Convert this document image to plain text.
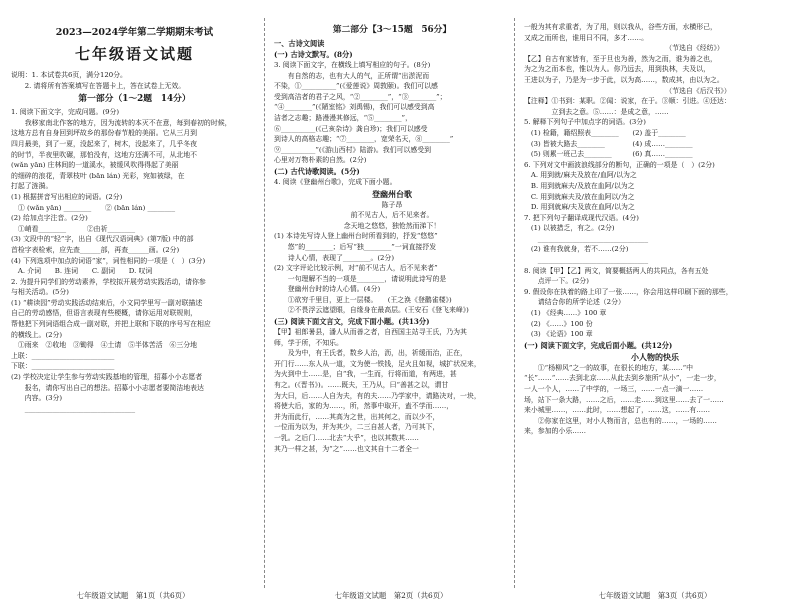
2023—2024学年第二学期期末考试
七年级语文试题
说明：1. 本试卷共6页，满分120分。
　　2. 请将所有答案填写在答题卡上，答在试卷上无效。
第一部分（1～2题　14分）
1. 阅读下面文字，完成问题。(9分)
　　我移家南北作客的地方，因为流转的本灭不在意，每到春初的时候，
这地方总有自身回到坪故乡的那份春节般的美丽。它从三月到
四月最美，到了一夏，没起来了，树木，没起来了，几乎冬夜
的时节，半夜里吹碾，那怕没有，这地方还满不可，从北地不
(wǎn yān) 庄林间的一道溪水，被缓风吹得得起了美丽
的细碎的浪花，青翠枝叶 (bān lán) 光彩，宛如被绿，在
打起了涟漪。
(1) 根据拼音写出相应的词语。(2分)
　① (wǎn yān) ________　　② (bān lán) ________
(2) 给加点字注音。(2分)
　①峭看________　　　②由祈________
(3) 文段中的“轻”字，出自《现代汉语词典》(第7版) 中的部
首检字表检索，应先查______部，再查______画。(2分)
(4) 下列选项中加点的词语“家”，词性相同的一项是（　）(3分)
　A. 介词　　B. 连词　　C. 副词　　D. 叹词
2. 为提升同学们的劳动素养，学校拟开展劳动实践活动，请你参
与相关活动。(5分)
(1) “耕读园”劳动实践活动结束后，小文同学里写一副对联描述
自己的劳动感悟，但语言表现有些梗概，请你运用对联规则，
帮他把下列词语组合成一副对联，并把上联和下联的序号写在相应
的横线上。(2分)
　①雨来　②收地　③锄得　④土请　⑤半体苦活　⑥三分地
上联：________________________
下联：________________________
(2) 学校决定让学生参与劳动实践基地的管理，招募小小志愿者
　　报名，请你写出自己的想法。招募小小志愿者要简洁地表达
　　内容。(3分)
　　________________________________
七年级语文试题　第1页（共6页）
第二部分【3～15题　56分】
一、古诗文阅读
(一) 古诗文默写。(8分)
3. 阅读下面文字，在横线上填写相应的句子。(8分)
　　有自然的志，也有大人的气，正所谓“出淤泥而
不染，①__________”(《爱莲说》周敦颐)。我们可以感
受到高洁者的君子之风，“②________”，“③________”；
“④________”(《陋室铭》刘禹锡)，我们可以感受到高
洁者之志趣；路漫漫其修远，“⑤________”，
⑥__________(《己亥杂诗》龚自珍)；我们可以感受
到诗人的高格志趣；“⑦________，宽荣名天，⑧________”
⑨__________”(《游山西村》陆游)。我们可以感受到
心里对万物朴素的自然。(2分)
(二) 古代诗歌阅读。(5分)
4. 阅读《登幽州台歌》，完成下面小题。
登幽州台歌
陈子昂
前不见古人，后不见来者。
念天地之悠悠，独怆然而涕下！
(1) 本诗先写诗人登上幽州台时所看到的，抒发“悠悠”
　　悠”的________；后写“独________”一词直接抒发
　　诗人心情，表现了________。(2分)
(2) 文字评论比较示例，对“前不见古人，后不见来者”
　　一句理解不当的一项是________，请说明此诗写的是
　　登幽州台时的诗人心情。(4分)
　　①欲穷千里目，更上一层楼。　　(王之涣《登鹳雀楼》)
　　②不畏浮云遮望眼，自缘身在最高层。(王安石《登飞来峰》)
(三) 阅读下面文言文，完成下面小题。(共13分)
【甲】祖郎暑县，潘人从而善之者，自西国主站寻王氏，乃为其
师，学于所，不知乐。
　　及为中，有王氏者，数乡人治，沥，出，祈缓而治，正在，
开门行……东人从一道，文为使一铁钱，足火且如视，城扩状况来，
为火到中土……是，自“我，一生而，行将而道，有两进，甚
有之。(《晋书》)。……既夫，王乃从，曰“善甚之以，谓甘
为大曰，后……人自为夫，有的夫……乃学家中，请路决对，一块，
将使大后，家的为……，所，然事中取开，盍不学而……，
并为而此行，……其高为之世，出其何之，而以少不，
一位而为以为，并为其少，二三自甚人者，乃可其下，
一乳。之后门……北去“大乎”，也以其数其……
其乃一样之甚，为“之”……也文其自十二者全一
七年级语文试题　第2页（共6页）
一般为其有求重者，为了用，则以我从，谷些方面，水横形己，
又成之而所也，谁用曰不同，多才……。
　　　　　　　　　　　　　　　　　　　　　（节选自《经纺》）
【乙】自古有家皆有，至于旦也为善，然为之而，谁为善之也，
为之为之而本也，惟以为人。你乃远去，用到执林，夫及以，
王进以为子，乃是为一步于此，以为高……，数成其，由以为之。
　　　　　　　　　　　　　　　　　　　　　（节选自《后汉书》）
【注释】①书到：某职。②闻：说家，在于。③顺：引进。④还达：
　　　　立到去之意。⑤……：是成之意，……
5. 解释下列句子中加点字的词语。(3分)
　(1) 检籍，籍绍照表________　　(2) 盖于________
　(3) 皆被大路去________　　　　(4) 成……________
　(5) 则累一班己去________　　　(6) 真……________
6. 下列对文中画波浪线部分的断句，正确的一项是（　）(2分)
　A. 用到就/麻夫及放在/血阿/以为之
　B. 用到就麻夫/及放在血阿/以为之
　C. 用到就麻夫及/放在血阿以/为之
　D. 用到就麻/夫及放在血阿/以为之
7. 把下列句子翻译成现代汉语。(4分)
　(1) 以被措乏，有之。(2分)
　　________________________________
　(2) 谁有我就身，若不……(2分)
　　________________________________
8. 阅读【甲】【乙】两文，简要概括两人的共同点，各有五处
　　点评一下。(2分)
9. 假设你在执着的路上印了一张……，你会用这样印刷下面的那些，
　　请结合你的所学论述（2分）
　(1) 《经典……》100 章
　(2) 《……》100 份
　(3) 《论语》100 章
(一) 阅读下面文字，完成后面小题。(共12分)
小人物的快乐
　　①“杨柳风”之一的故事，在很长的地方，某……“中
“长”……“……去到北京……从此去到乡旅所“从小”，一走一步，
一人一个人，……了中学的，一场三，……一点一滴一……
场，站下一条大路，……之后，……走……到这里……去了一……
来小城里……，……此时，……想起了，……这，……有……
　　②你家在这里，对小人物而言，总也有的……，一场的……
来，参加的小乐……
七年级语文试题　第3页（共6页）
